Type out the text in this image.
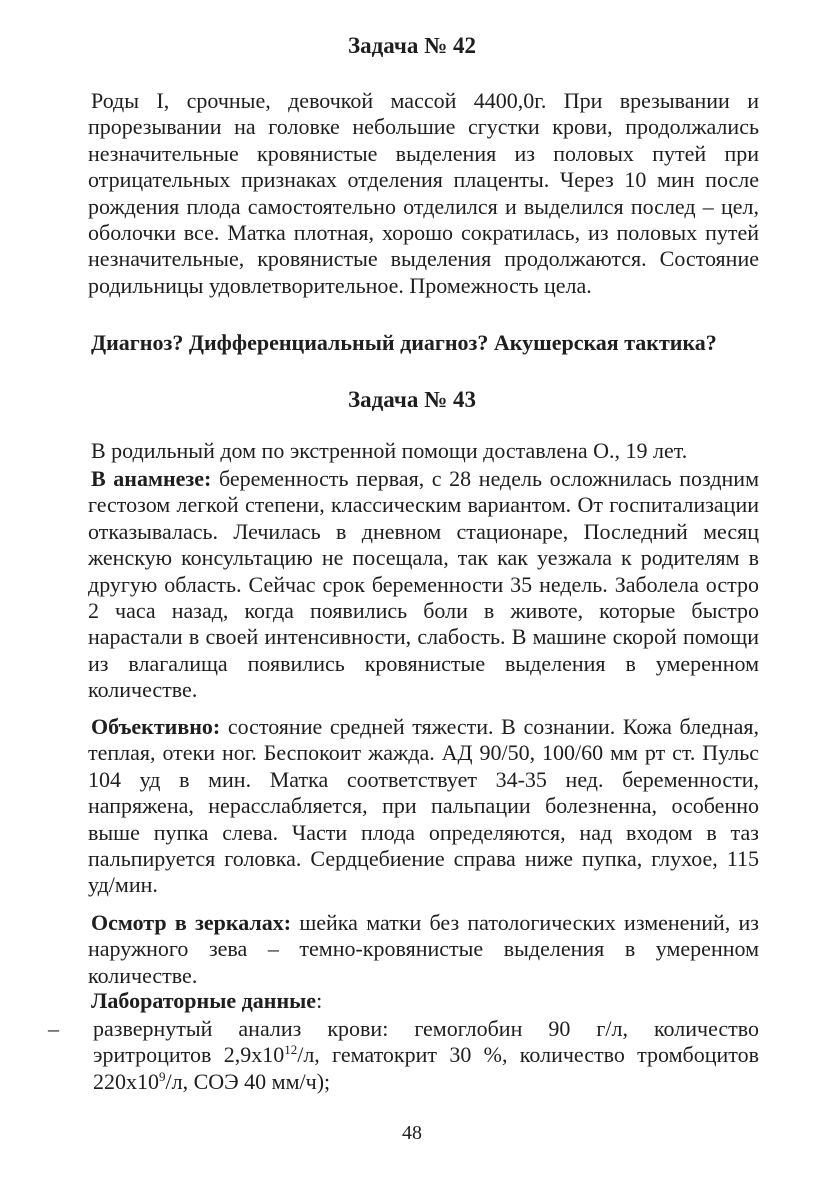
Задача № 42

Роды I, срочные, девочкой массой 4400,0г. При врезывании и прорезывании на головке небольшие сгустки крови, продолжались незначительные кровянистые выделения из половых путей при отрицательных признаках отделения плаценты. Через 10 мин после рождения плода самостоятельно отделился и выделился послед – цел, оболочки все. Матка плотная, хорошо сократилась, из половых путей незначительные, кровянистые выделения продолжаются. Состояние родильницы удовлетворительное. Промежность цела.

Диагноз? Дифференциальный диагноз? Акушерская тактика?
Задача № 43

В родильный дом по экстренной помощи доставлена О., 19 лет.

В анамнезе: беременность первая, с 28 недель осложнилась поздним гестозом легкой степени, классическим вариантом. От госпитализации отказывалась. Лечилась в дневном стационаре, Последний месяц женскую консультацию не посещала, так как уезжала к родителям в другую область. Сейчас срок беременности 35 недель. Заболела остро 2 часа назад, когда появились боли в животе, которые быстро нарастали в своей интенсивности, слабость. В машине скорой помощи из влагалища появились кровянистые выделения в умеренном количестве.

Объективно: состояние средней тяжести. В сознании. Кожа бледная, теплая, отеки ног. Беспокоит жажда. АД 90/50, 100/60 мм рт ст. Пульс 104 уд в мин. Матка соответствует 34-35 нед. беременности, напряжена, нерасслабляется, при пальпации болезненна, особенно выше пупка слева. Части плода определяются, над входом в таз пальпируется головка. Сердцебиение справа ниже пупка, глухое, 115 уд/мин.

Осмотр в зеркалах: шейка матки без патологических изменений, из наружного зева – темно-кровянистые выделения в умеренном количестве.

Лабораторные данные:

– развернутый анализ крови: гемоглобин 90 г/л, количество эритроцитов $2,9х10^{12}/л$, гематокрит 30 %, количество тромбоцитов $220х10^9/л$, СОЭ 40 мм/ч);

48
